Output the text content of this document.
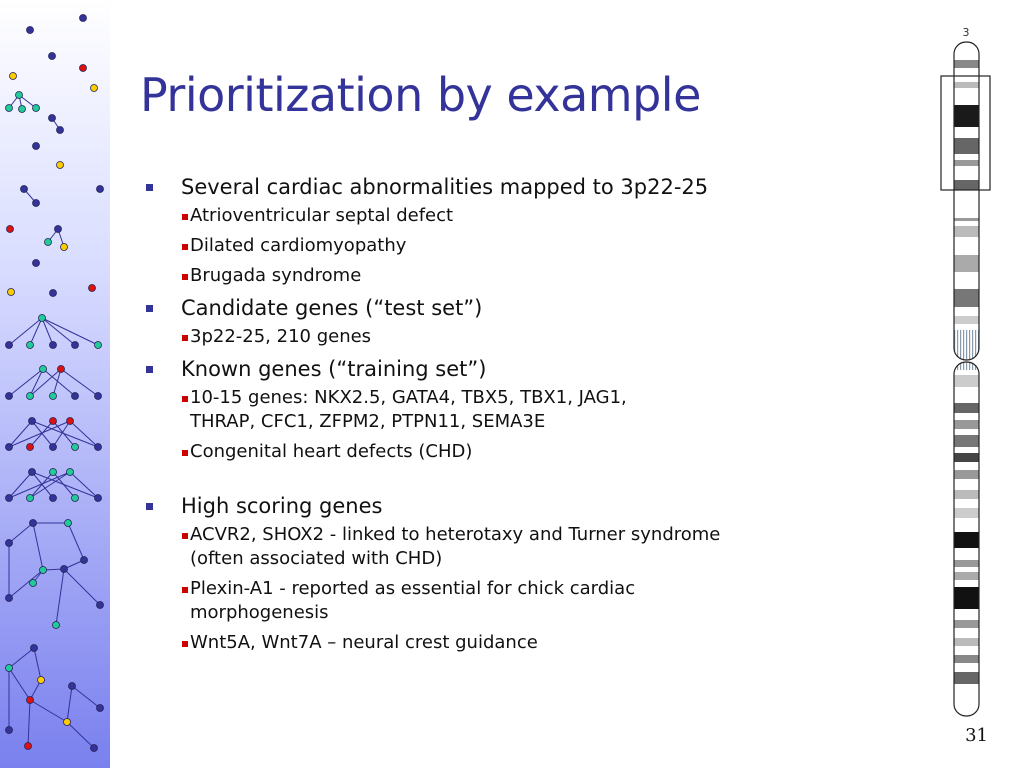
Prioritization by example
Several cardiac abnormalities mapped to 3p22-25
Atrioventricular septal defect
Dilated cardiomyopathy
Brugada syndrome
Candidate genes (“test set”)
3p22-25, 210 genes
Known genes (“training set”)
10-15 genes: NKX2.5, GATA4, TBX5, TBX1, JAG1,
THRAP, CFC1, ZFPM2, PTPN11, SEMA3E
Congenital heart defects (CHD)
High scoring genes
ACVR2, SHOX2 - linked to heterotaxy and Turner syndrome
(often associated with CHD)
Plexin-A1 - reported as essential for chick cardiac
morphogenesis
Wnt5A, Wnt7A – neural crest guidance
3
31
